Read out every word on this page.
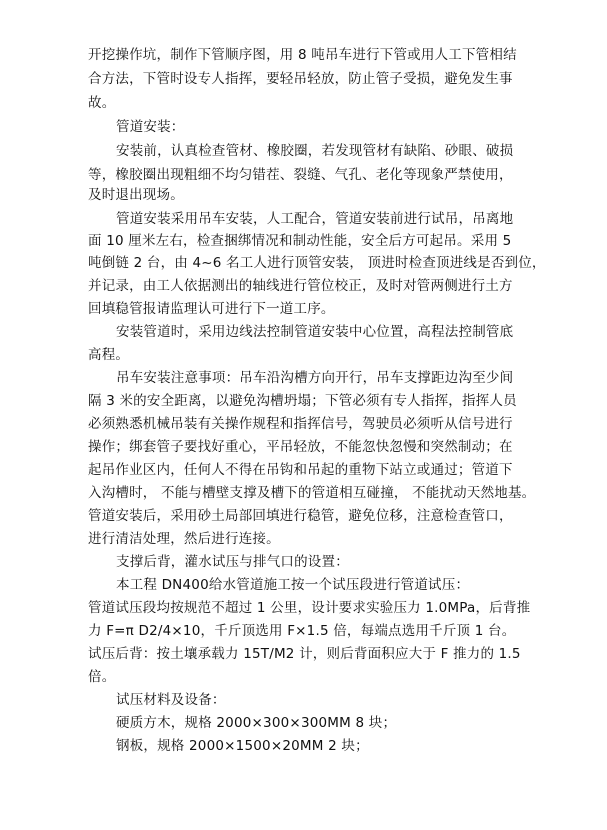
开挖操作坑，制作下管顺序图，用 8 吨吊车进行下管或用人工下管相结
合方法，下管时设专人指挥，要轻吊轻放，防止管子受损，避免发生事
故。
管道安装：
安装前，认真检查管材、橡胶圈，若发现管材有缺陷、砂眼、破损
等，橡胶圈出现粗细不均匀错茬、裂缝、气孔、老化等现象严禁使用，
及时退出现场。
管道安装采用吊车安装，人工配合，管道安装前进行试吊，吊离地
面 10 厘米左右，检查捆绑情况和制动性能，安全后方可起吊。采用 5
吨倒链 2 台，由 4~6 名工人进行顶管安装， 顶进时检查顶进线是否到位，
并记录，由工人依据测出的轴线进行管位校正，及时对管两侧进行土方
回填稳管报请监理认可进行下一道工序。
安装管道时，采用边线法控制管道安装中心位置，高程法控制管底
高程。
吊车安装注意事项：吊车沿沟槽方向开行，吊车支撑距边沟至少间
隔 3 米的安全距离，以避免沟槽坍塌；下管必须有专人指挥，指挥人员
必须熟悉机械吊装有关操作规程和指挥信号，驾驶员必须听从信号进行
操作；绑套管子要找好重心，平吊轻放，不能忽快忽慢和突然制动；在
起吊作业区内，任何人不得在吊钩和吊起的重物下站立或通过；管道下
入沟槽时， 不能与槽壁支撑及槽下的管道相互碰撞， 不能扰动天然地基。
管道安装后，采用砂土局部回填进行稳管，避免位移，注意检查管口，
进行清洁处理，然后进行连接。
支撑后背，灌水试压与排气口的设置：
本工程 DN400给水管道施工按一个试压段进行管道试压：
管道试压段均按规范不超过 1 公里，设计要求实验压力 1.0MPa，后背推
力 F=π D2/4×10，千斤顶选用 F×1.5 倍，每端点选用千斤顶 1 台。
试压后背：按土壤承载力 15T/M2 计，则后背面积应大于 F 推力的 1.5
倍。
试压材料及设备：
硬质方木，规格 2000×300×300MM 8 块；
钢板，规格 2000×1500×20MM 2 块；
